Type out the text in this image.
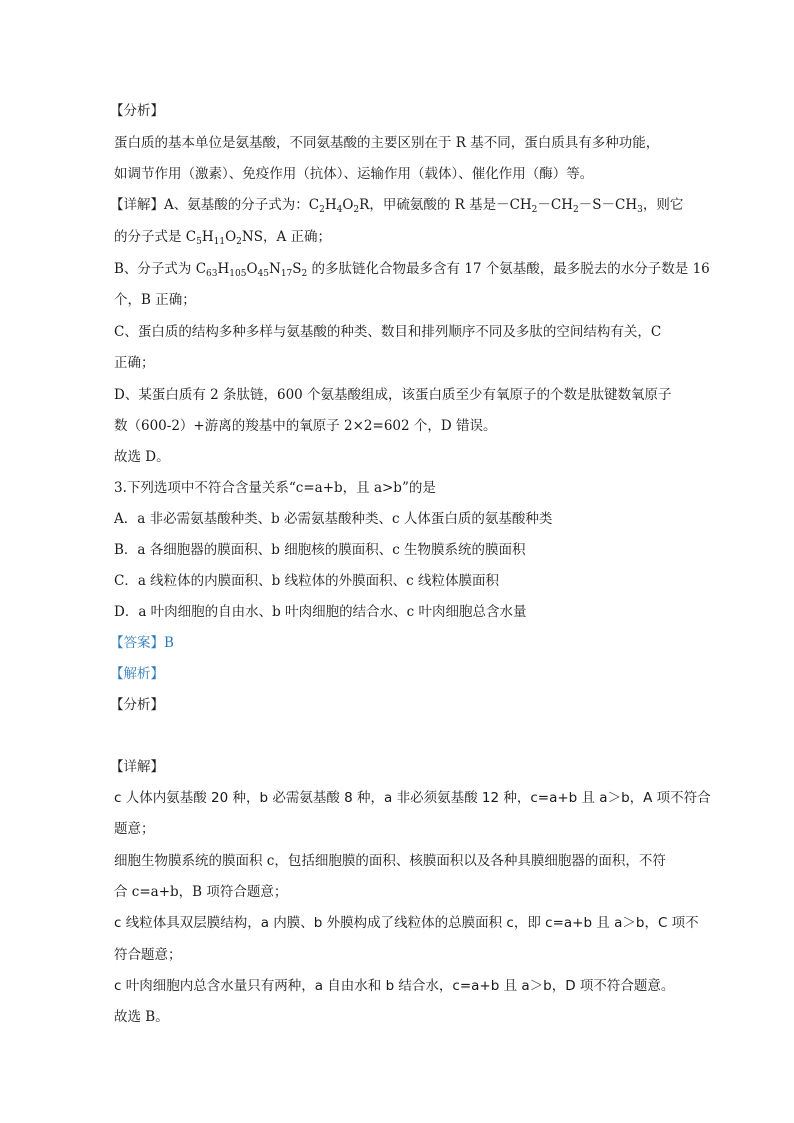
【分析】

蛋白质的基本单位是氨基酸，不同氨基酸的主要区别在于 R 基不同，蛋白质具有多种功能，

如调节作用（激素）、免疫作用（抗体）、运输作用（载体）、催化作用（酶）等。

【详解】A、氨基酸的分子式为：$C_2H_4O_2R$，甲硫氨酸的 R 基是$-CH_2-CH_2-S-CH_3$，则它

的分子式是 $C_5H_{11}O_2NS$，A 正确；

B、分子式为 $C_{63}H_{105}O_{45}N_{17}S_2$ 的多肽链化合物最多含有 17 个氨基酸，最多脱去的水分子数是 16

个，B 正确；

C、蛋白质的结构多种多样与氨基酸的种类、数目和排列顺序不同及多肽的空间结构有关，C

正确；

D、某蛋白质有 2 条肽链，600 个氨基酸组成，该蛋白质至少有氧原子的个数是肽键数氧原子

数（600-2）+游离的羧基中的氧原子 2×2=602 个，D 错误。

故选 D。

3.下列选项中不符合含量关系“c=a+b，且 a>b”的是

A．a 非必需氨基酸种类、b 必需氨基酸种类、c 人体蛋白质的氨基酸种类

B．a 各细胞器的膜面积、b 细胞核的膜面积、c 生物膜系统的膜面积

C．a 线粒体的内膜面积、b 线粒体的外膜面积、c 线粒体膜面积

D．a 叶肉细胞的自由水、b 叶肉细胞的结合水、c 叶肉细胞总含水量

【答案】B

【解析】

【分析】

【详解】

c 人体内氨基酸 20 种，b 必需氨基酸 8 种，a 非必须氨基酸 12 种，c=a+b 且 a＞b，A 项不符合

题意；

细胞生物膜系统的膜面积 c，包括细胞膜的面积、核膜面积以及各种具膜细胞器的面积，不符

合 c=a+b，B 项符合题意；

c 线粒体具双层膜结构，a 内膜、b 外膜构成了线粒体的总膜面积 c，即 c=a+b 且 a＞b，C 项不

符合题意；

c 叶肉细胞内总含水量只有两种，a 自由水和 b 结合水，c=a+b 且 a＞b，D 项不符合题意。

故选 B。
